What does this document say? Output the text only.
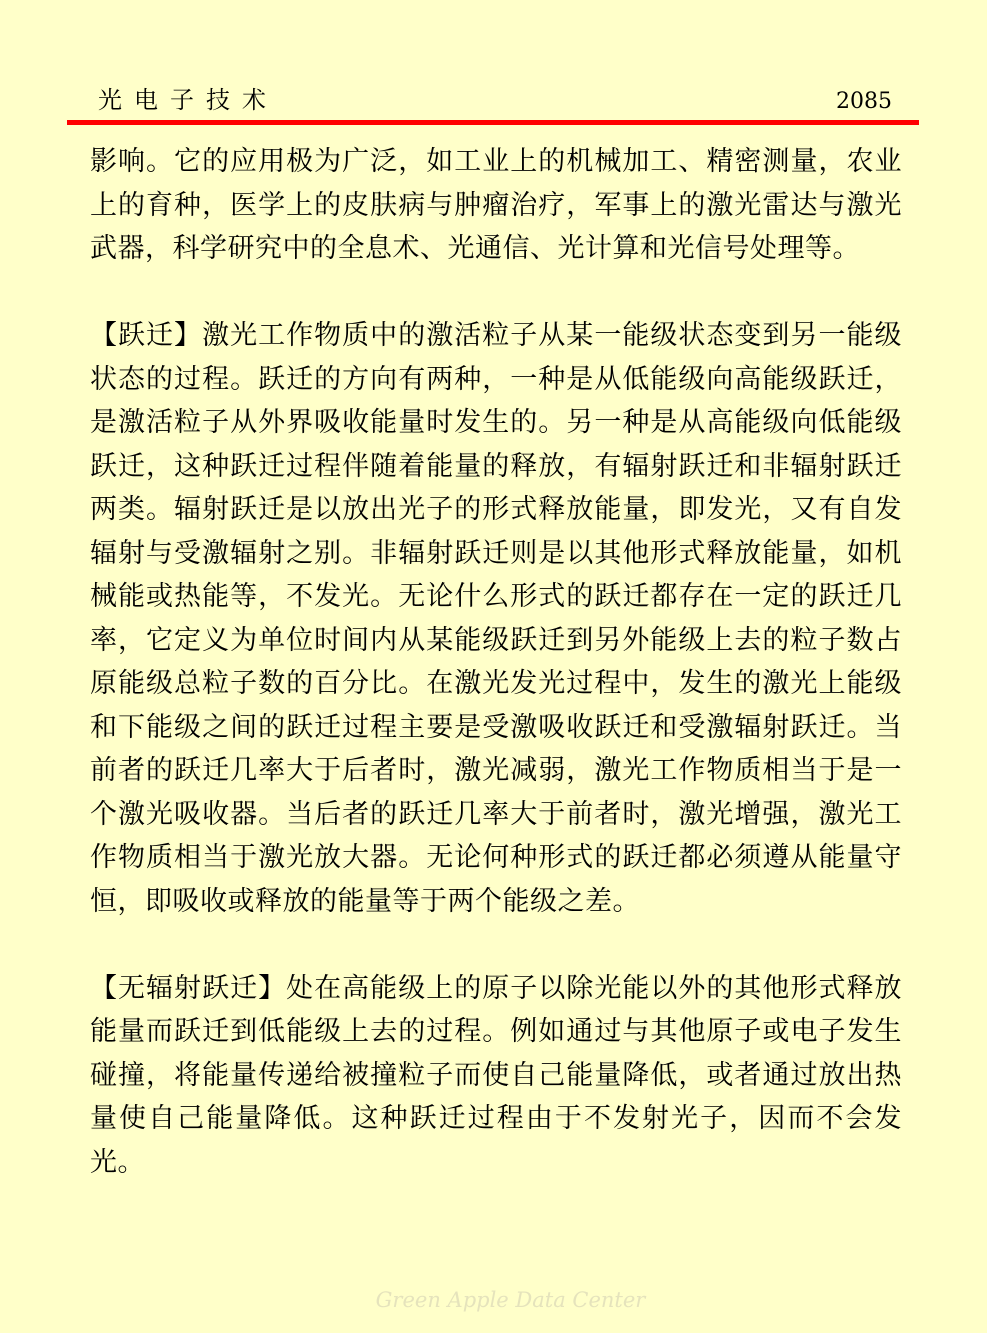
光电子技术	2085

影响。它的应用极为广泛，如工业上的机械加工、精密测量，农业上的育种，医学上的皮肤病与肿瘤治疗，军事上的激光雷达与激光武器，科学研究中的全息术、光通信、光计算和光信号处理等。

【跃迁】激光工作物质中的激活粒子从某一能级状态变到另一能级状态的过程。跃迁的方向有两种，一种是从低能级向高能级跃迁，是激活粒子从外界吸收能量时发生的。另一种是从高能级向低能级跃迁，这种跃迁过程伴随着能量的释放，有辐射跃迁和非辐射跃迁两类。辐射跃迁是以放出光子的形式释放能量，即发光，又有自发辐射与受激辐射之别。非辐射跃迁则是以其他形式释放能量，如机械能或热能等，不发光。无论什么形式的跃迁都存在一定的跃迁几率，它定义为单位时间内从某能级跃迁到另外能级上去的粒子数占原能级总粒子数的百分比。在激光发光过程中，发生的激光上能级和下能级之间的跃迁过程主要是受激吸收跃迁和受激辐射跃迁。当前者的跃迁几率大于后者时，激光减弱，激光工作物质相当于是一个激光吸收器。当后者的跃迁几率大于前者时，激光增强，激光工作物质相当于激光放大器。无论何种形式的跃迁都必须遵从能量守恒，即吸收或释放的能量等于两个能级之差。

【无辐射跃迁】处在高能级上的原子以除光能以外的其他形式释放能量而跃迁到低能级上去的过程。例如通过与其他原子或电子发生碰撞，将能量传递给被撞粒子而使自己能量降低，或者通过放出热量使自己能量降低。这种跃迁过程由于不发射光子，因而不会发光。

Green Apple Data Center
